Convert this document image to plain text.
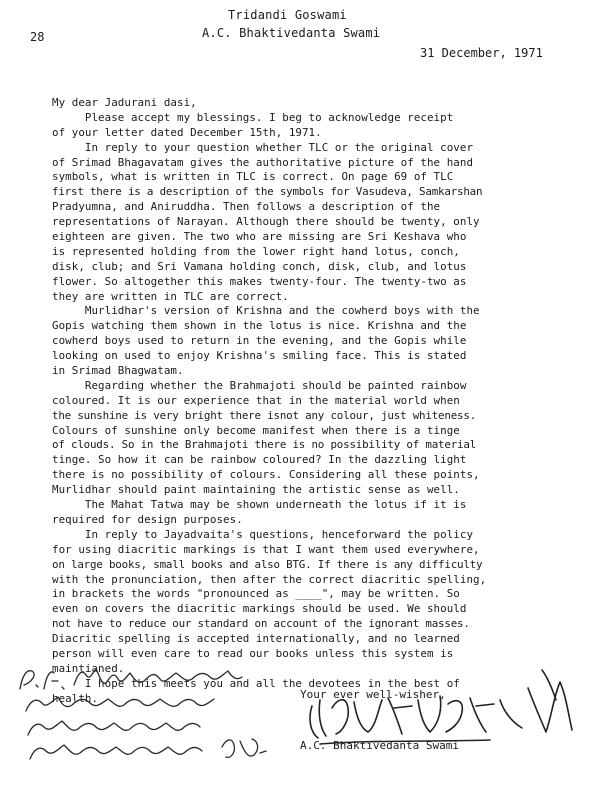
Tridandi Goswami
A.C. Bhaktivedanta Swami
28
31 December, 1971
My dear Jadurani dasi,
Please accept my blessings. I beg to acknowledge receipt
of your letter dated December 15th, 1971.
In reply to your question whether TLC or the original cover
of Srimad Bhagavatam gives the authoritative picture of the hand
symbols, what is written in TLC is correct. On page 69 of TLC
first there is a description of the symbols for Vasudeva, Samkarshan
Pradyumna, and Aniruddha. Then follows a description of the
representations of Narayan. Although there should be twenty, only
eighteen are given. The two who are missing are Sri Keshava who
is represented holding from the lower right hand lotus, conch,
disk, club; and Sri Vamana holding conch, disk, club, and lotus
flower. So altogether this makes twenty-four. The twenty-two as
they are written in TLC are correct.
Murlidhar's version of Krishna and the cowherd boys with the
Gopis watching them shown in the lotus is nice. Krishna and the
cowherd boys used to return in the evening, and the Gopis while
looking on used to enjoy Krishna's smiling face. This is stated
in Srimad Bhagwatam.
Regarding whether the Brahmajoti should be painted rainbow
coloured. It is our experience that in the material world when
the sunshine is very bright there isnot any colour, just whiteness.
Colours of sunshine only become manifest when there is a tinge
of clouds. So in the Brahmajoti there is no possibility of material
tinge. So how it can be rainbow coloured? In the dazzling light
there is no possibility of colours. Considering all these points,
Murlidhar should paint maintaining the artistic sense as well.
The Mahat Tatwa may be shown underneath the lotus if it is
required for design purposes.
In reply to Jayadvaita's questions, henceforward the policy
for using diacritic markings is that I want them used everywhere,
on large books, small books and also BTG. If there is any difficulty
with the pronunciation, then after the correct diacritic spelling,
in brackets the words "pronounced as ____", may be written. So
even on covers the diacritic markings should be used. We should
not have to reduce our standard on account of the ignorant masses.
Diacritic spelling is accepted internationally, and no learned
person will even care to read our books unless this system is
maintianed.
I hope this meets you and all the devotees in the best of
health.	Your ever well-wisher,
A.C. Bhaktivedanta Swami
